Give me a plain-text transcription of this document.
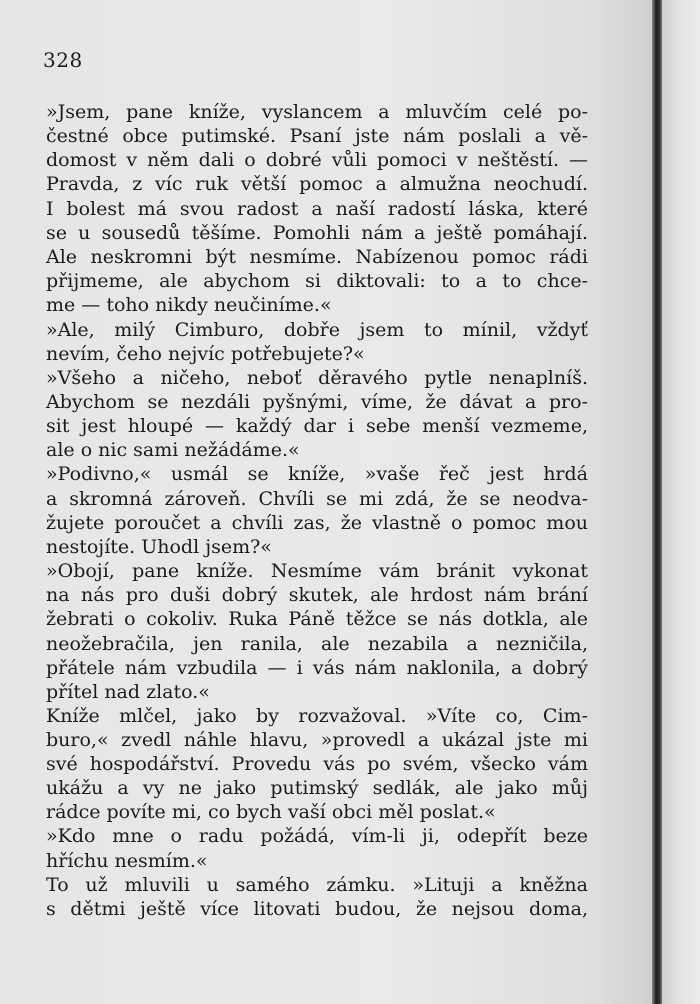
328
»Jsem, pane kníže, vyslancem a mluvčím celé po-
čestné obce putimské. Psaní jste nám poslali a vě-
domost v něm dali o dobré vůli pomoci v neštěstí. —
Pravda, z víc ruk větší pomoc a almužna neochudí.
I bolest má svou radost a naší radostí láska, které
se u sousedů těšíme. Pomohli nám a ještě pomáhají.
Ale neskromni být nesmíme. Nabízenou pomoc rádi
přijmeme, ale abychom si diktovali: to a to chce-
me — toho nikdy neučiníme.«
»Ale, milý Cimburo, dobře jsem to mínil, vždyť
nevím, čeho nejvíc potřebujete?«
»Všeho a ničeho, neboť děravého pytle nenaplníš.
Abychom se nezdáli pyšnými, víme, že dávat a pro-
sit jest hloupé — každý dar i sebe menší vezmeme,
ale o nic sami nežádáme.«
»Podivno,« usmál se kníže, »vaše řeč jest hrdá
a skromná zároveň. Chvíli se mi zdá, že se neodva-
žujete poroučet a chvíli zas, že vlastně o pomoc mou
nestojíte. Uhodl jsem?«
»Obojí, pane kníže. Nesmíme vám bránit vykonat
na nás pro duši dobrý skutek, ale hrdost nám brání
žebrati o cokoliv. Ruka Páně těžce se nás dotkla, ale
neožebračila, jen ranila, ale nezabila a nezničila,
přátele nám vzbudila — i vás nám naklonila, a dobrý
přítel nad zlato.«
Kníže mlčel, jako by rozvažoval. »Víte co, Cim-
buro,« zvedl náhle hlavu, »provedl a ukázal jste mi
své hospodářství. Provedu vás po svém, všecko vám
ukážu a vy ne jako putimský sedlák, ale jako můj
rádce povíte mi, co bych vaší obci měl poslat.«
»Kdo mne o radu požádá, vím-li ji, odepřít beze
hříchu nesmím.«
To už mluvili u samého zámku. »Lituji a kněžna
s dětmi ještě více litovati budou, že nejsou doma,
